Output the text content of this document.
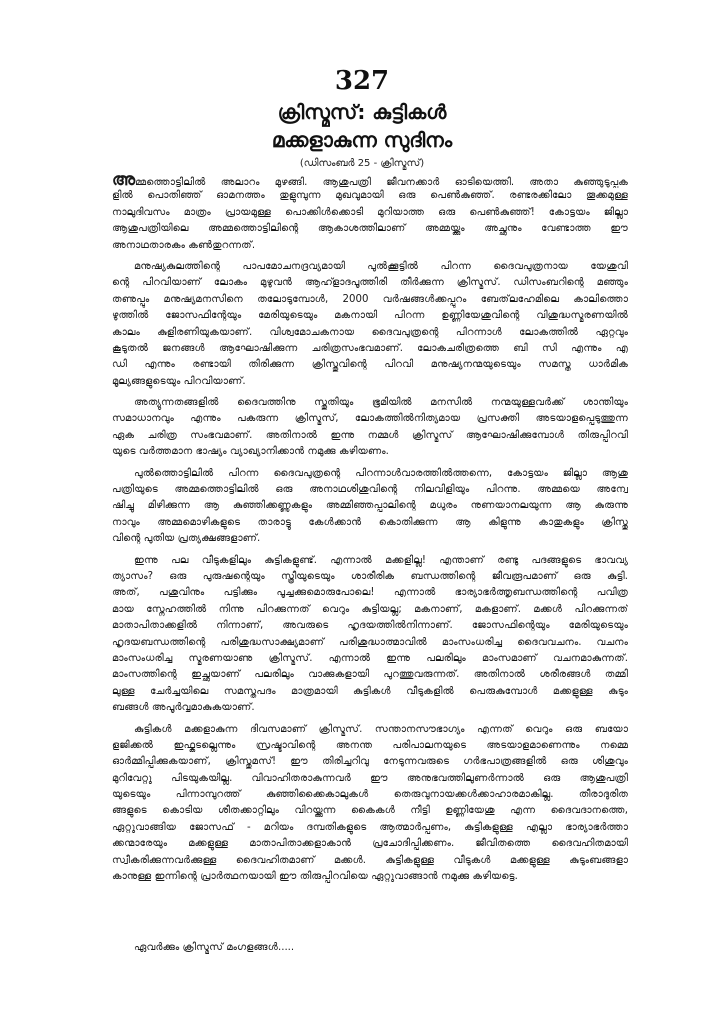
327
ക്രിസ്മസ്: കുട്ടികൾ
മക്കളാകുന്ന സുദിനം
(ഡിസംബർ 25 - ക്രിസ്മസ്)
അമ്മത്തൊട്ടിലിൽ അലാറം മുഴങ്ങി. ആശുപത്രി ജീവനക്കാർ ഓടിയെത്തി. അതാ കുഞ്ഞുടുപ്പുക
ളിൽ പൊതിഞ്ഞ് ഓമനത്തം തുളുമ്പുന്ന മുഖവുമായി ഒരു പെൺകുഞ്ഞ്. രണ്ടരക്കിലോ തൂക്കമുള്ള
നാലുദിവസം മാത്രം പ്രായമുള്ള പൊക്കിൾക്കൊടി മുറിയാത്ത ഒരു പെൺകുഞ്ഞ്! കോട്ടയം ജില്ലാ
ആശുപത്രിയിലെ അമ്മത്തൊട്ടിലിന്റെ ആകാശത്തിലാണ് അമ്മയ്ക്കും അച്ഛനും വേണ്ടാത്ത ഈ
അനാഥതാരകം കൺതുറന്നത്.
മനുഷ്യകുലത്തിന്റെ പാപമോചനദ്രവ്യമായി പുൽക്കൂട്ടിൽ പിറന്ന ദൈവപുത്രനായ യേശുവി
ന്റെ പിറവിയാണ് ലോകം മുഴുവൻ ആഹ്ളാദപൂത്തിരി തീർക്കുന്ന ക്രിസ്മസ്. ഡിസംബറിന്റെ മഞ്ഞും
തണുപ്പും മനുഷ്യമനസിനെ തലോടുമ്പോൾ, 2000 വർഷങ്ങൾക്കപ്പുറം ബേത്‌ലഹേമിലെ കാലിത്തൊ
ഴുത്തിൽ ജോസഫിന്റേയും മേരിയുടെയും മകനായി പിറന്ന ഉണ്ണിയേശുവിന്റെ വിശുദ്ധസ്മരണയിൽ
കാലം കുളിരണിയുകയാണ്. വിശ്വമോചകനായ ദൈവപുത്രന്റെ പിറന്നാൾ ലോകത്തിൽ ഏറ്റവും
കൂടുതൽ ജനങ്ങൾ ആഘോഷിക്കുന്ന ചരിത്രസംഭവമാണ്. ലോകചരിത്രത്തെ ബി സി എന്നും എ
ഡി എന്നും രണ്ടായി തിരിക്കുന്ന ക്രിസ്തുവിന്റെ പിറവി മനുഷ്യനന്മയുടെയും സമസ്ത ധാർമിക
മൂല്യങ്ങളുടെയും പിറവിയാണ്.
അത്യുന്നതങ്ങളിൽ ദൈവത്തിനു സ്തുതിയും ഭൂമിയിൽ മനസിൽ നന്മയുള്ളവർക്ക് ശാന്തിയും
സമാധാനവും എന്നും പകരുന്ന ക്രിസ്മസ്, ലോകത്തിൽനിത്യമായ പ്രസക്തി അടയാളപ്പെടുത്തുന്ന
ഏക ചരിത്ര സംഭവമാണ്. അതിനാൽ ഇന്നു നമ്മൾ ക്രിസ്മസ് ആഘോഷിക്കുമ്പോൾ തിരുപ്പിറവി
യുടെ വർത്തമാന ഭാഷ്യം വ്യാഖ്യാനിക്കാൻ നമുക്കു കഴിയണം.
പുൽത്തൊട്ടിലിൽ പിറന്ന ദൈവപുത്രന്റെ പിറന്നാൾവാരത്തിൽത്തന്നെ, കോട്ടയം ജില്ലാ ആശു
പത്രിയുടെ അമ്മത്തൊട്ടിലിൽ ഒരു അനാഥശിശുവിന്റെ നിലവിളിയും പിറന്നു. അമ്മയെ അന്വേ
ഷിച്ചു മിഴിക്കുന്ന ആ കുഞ്ഞിക്കണ്ണുകളും അമ്മിഞ്ഞപ്പാലിന്റെ മധുരം നുണയാനലയുന്ന ആ കുരുന്നു
നാവും അമ്മമൊഴികളുടെ താരാട്ടു കേൾക്കാൻ കൊതിക്കുന്ന ആ കിളുന്നു കാതുകളും ക്രിസ്തു
വിന്റെ പുതിയ പ്രത്യക്ഷങ്ങളാണ്.
ഇന്നു പല വീടുകളിലും കുട്ടികളുണ്ട്. എന്നാൽ മക്കളില്ല! എന്താണ് രണ്ടു പദങ്ങളുടെ ഭാവവ്യ
ത്യാസം? ഒരു പുരുഷന്റെയും സ്ത്രീയുടെയും ശാരീരിക ബന്ധത്തിന്റെ ജീവരൂപമാണ് ഒരു കുട്ടി.
അത്, പശുവിനും പട്ടിക്കും പൂച്ചക്കുമൊരുപോലെ! എന്നാൽ ഭാര്യാഭർത്തൃബന്ധത്തിന്റെ പവിത്ര
മായ സ്നേഹത്തിൽ നിന്നു പിറക്കുന്നത് വെറും കുട്ടിയല്ല; മകനാണ്, മകളാണ്. മക്കൾ പിറക്കുന്നത്
മാതാപിതാക്കളിൽ നിന്നാണ്, അവരുടെ ഹൃദയത്തിൽനിന്നാണ്. ജോസഫിന്റെയും മേരിയുടെയും
ഹൃദയബന്ധത്തിന്റെ പരിശുദ്ധസാക്ഷ്യമാണ് പരിശുദ്ധാത്മാവിൽ മാംസംധരിച്ച ദൈവവചനം. വചനം
മാംസംധരിച്ച സ്മരണയാണു ക്രിസ്മസ്. എന്നാൽ ഇന്നു പലരിലും മാംസമാണ് വചനമാകുന്നത്.
മാംസത്തിന്റെ ഇച്ഛയാണ് പലരിലും വാക്കുകളായി പുറത്തുവരുന്നത്. അതിനാൽ ശരീരങ്ങൾ തമ്മി
ലുള്ള ചേർച്ചയിലെ സമസ്തപദം മാത്രമായി കുട്ടികൾ വീടുകളിൽ പെരുകുമ്പോൾ മക്കളുള്ള കുടും
ബങ്ങൾ അപൂർവ്വമാകുകയാണ്.
കുട്ടികൾ മക്കളാകുന്ന ദിവസമാണ് ക്രിസ്മസ്. സന്താനസൗഭാഗ്യം എന്നത് വെറും ഒരു ബയോ
ളജിക്കൽ ഇഫ്കടല്ലെന്നും സ്രഷ്ടാവിന്റെ അനന്ത പരിപാലനയുടെ അടയാളമാണെന്നും നമ്മെ
ഓർമ്മിപ്പിക്കുകയാണ്, ക്രിസ്തുമസ്! ഈ തിരിച്ചറിവു നേടുന്നവരുടെ ഗർഭപാത്രങ്ങളിൽ ഒരു ശിശുവും
മുറിവേറ്റു പിടയുകയില്ല. വിവാഹിതരാകുന്നവർ ഈ അനുഭവത്തിലുണർന്നാൽ ഒരു ആശുപത്രി
യുടെയും പിന്നാമ്പുറത്ത് കുഞ്ഞിക്കൈകാലുകൾ തെരുവുനായക്കൾക്കാഹാരമാകില്ല. തീരാദുരിത
ങ്ങളുടെ കൊടിയ ശീതക്കാറ്റിലും വിറയ്ക്കുന്ന കൈകൾ നീട്ടി ഉണ്ണിയേശു എന്ന ദൈവദാനത്തെ,
ഏറ്റുവാങ്ങിയ ജോസഫ് - മറിയം ദമ്പതികളുടെ ആത്മാർപ്പണം, കുട്ടികളുള്ള എല്ലാ ഭാര്യാഭർത്താ
ക്കന്മാരേയും മക്കളുള്ള മാതാപിതാക്കളാകാൻ പ്രചോദിപ്പിക്കണം. ജീവിതത്തെ ദൈവഹിതമായി
സ്വീകരിക്കുന്നവർക്കുള്ള ദൈവഹിതമാണ് മക്കൾ. കുട്ടികളുള്ള വീടുകൾ മക്കളുള്ള കുടുംബങ്ങളാ
കാനുള്ള ഇന്നിന്റെ പ്രാർത്ഥനയായി ഈ തിരുപ്പിറവിയെ ഏറ്റുവാങ്ങാൻ നമുക്കു കഴിയട്ടെ.
ഏവർക്കും ക്രിസ്മസ് മംഗളങ്ങൾ.....
